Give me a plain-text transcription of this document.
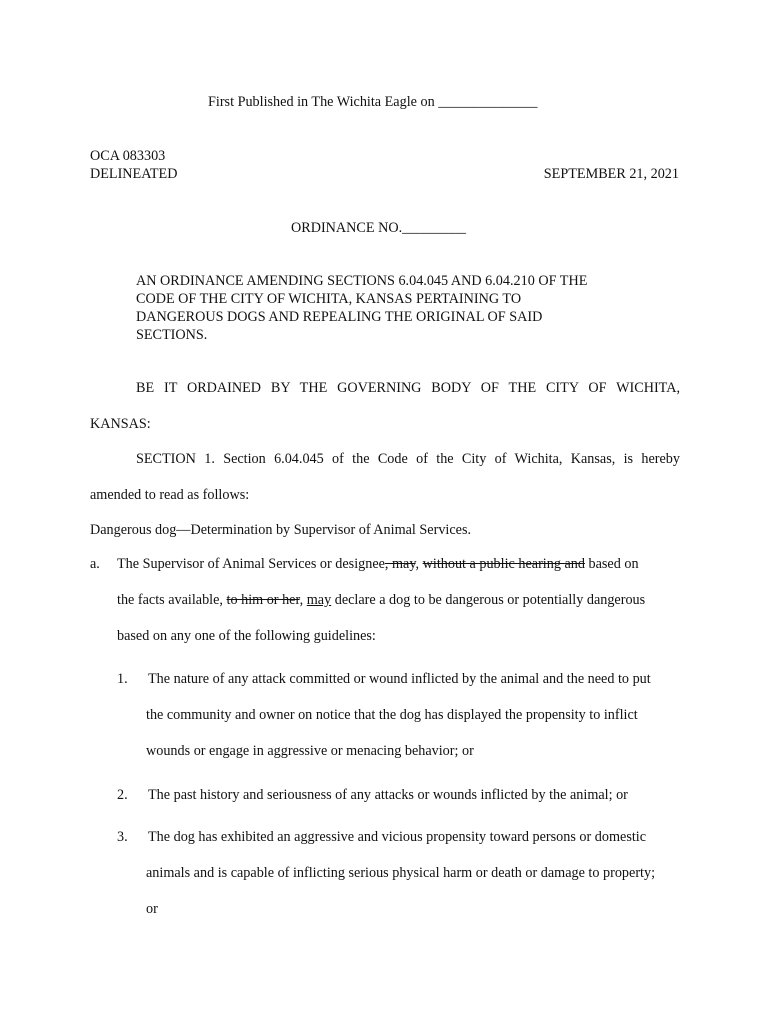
First Published in The Wichita Eagle on ______________

OCA 083303

DELINEATED	SEPTEMBER 21, 2021

ORDINANCE NO._________

AN ORDINANCE AMENDING SECTIONS 6.04.045 AND 6.04.210 OF THE

CODE OF THE CITY OF WICHITA, KANSAS PERTAINING TO

DANGEROUS DOGS AND REPEALING THE ORIGINAL OF SAID

SECTIONS.

BE IT ORDAINED BY THE GOVERNING BODY OF THE CITY OF WICHITA,

KANSAS:

SECTION 1. Section 6.04.045 of the Code of the City of Wichita, Kansas, is hereby

amended to read as follows:

Dangerous dog—Determination by Supervisor of Animal Services.

a. The Supervisor of Animal Services or designee, may, without a public hearing and based on

the facts available, to him or her, may declare a dog to be dangerous or potentially dangerous

based on any one of the following guidelines:

1. The nature of any attack committed or wound inflicted by the animal and the need to put

the community and owner on notice that the dog has displayed the propensity to inflict

wounds or engage in aggressive or menacing behavior; or

2. The past history and seriousness of any attacks or wounds inflicted by the animal; or

3. The dog has exhibited an aggressive and vicious propensity toward persons or domestic

animals and is capable of inflicting serious physical harm or death or damage to property;

or
